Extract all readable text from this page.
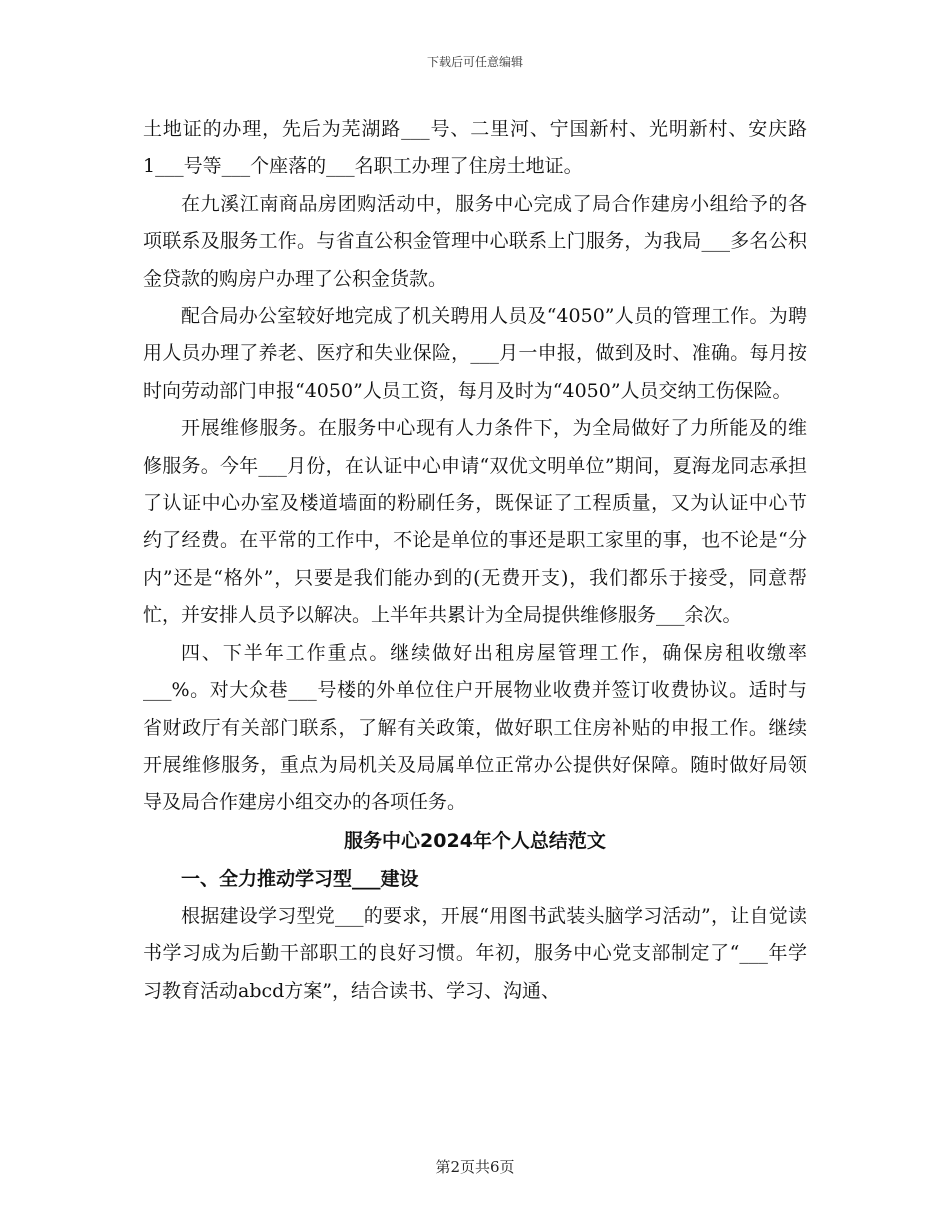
下载后可任意编辑

土地证的办理，先后为芜湖路___号、二里河、宁国新村、光明新村、安庆路1___号等___个座落的___名职工办理了住房土地证。

在九溪江南商品房团购活动中，服务中心完成了局合作建房小组给予的各项联系及服务工作。与省直公积金管理中心联系上门服务，为我局___多名公积金贷款的购房户办理了公积金货款。

配合局办公室较好地完成了机关聘用人员及“4050”人员的管理工作。为聘用人员办理了养老、医疗和失业保险，___月一申报，做到及时、准确。每月按时向劳动部门申报“4050”人员工资，每月及时为“4050”人员交纳工伤保险。

开展维修服务。在服务中心现有人力条件下，为全局做好了力所能及的维修服务。今年___月份，在认证中心申请“双优文明单位”期间，夏海龙同志承担了认证中心办室及楼道墙面的粉刷任务，既保证了工程质量，又为认证中心节约了经费。在平常的工作中，不论是单位的事还是职工家里的事，也不论是“分内”还是“格外”，只要是我们能办到的(无费开支)，我们都乐于接受，同意帮忙，并安排人员予以解决。上半年共累计为全局提供维修服务___余次。

四、下半年工作重点。继续做好出租房屋管理工作，确保房租收缴率___%。对大众巷___号楼的外单位住户开展物业收费并签订收费协议。适时与省财政厅有关部门联系，了解有关政策，做好职工住房补贴的申报工作。继续开展维修服务，重点为局机关及局属单位正常办公提供好保障。随时做好局领导及局合作建房小组交办的各项任务。

服务中心2024年个人总结范文
一、全力推动学习型___建设

根据建设学习型党___的要求，开展“用图书武装头脑学习活动”，让自觉读书学习成为后勤干部职工的良好习惯。年初，服务中心党支部制定了“___年学习教育活动abcd方案”，结合读书、学习、沟通、

第2页共6页
